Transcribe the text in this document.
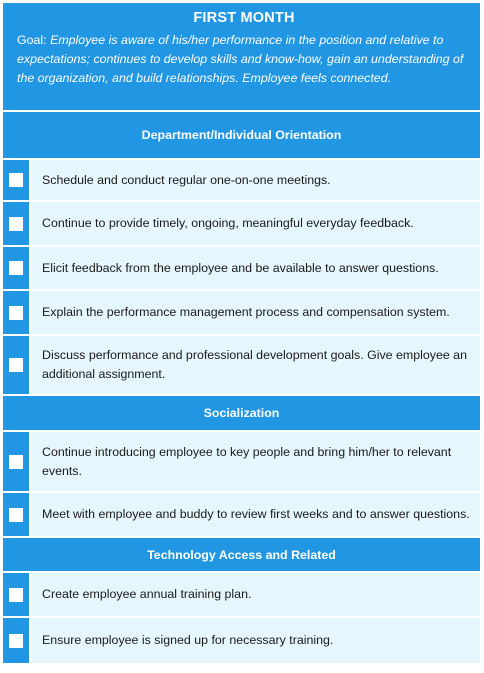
FIRST MONTH
Goal: Employee is aware of his/her performance in the position and relative to expectations; continues to develop skills and know-how, gain an understanding of the organization, and build relationships. Employee feels connected.
Department/Individual Orientation
Schedule and conduct regular one-on-one meetings.
Continue to provide timely, ongoing, meaningful everyday feedback.
Elicit feedback from the employee and be available to answer questions.
Explain the performance management process and compensation system.
Discuss performance and professional development goals. Give employee an additional assignment.
Socialization
Continue introducing employee to key people and bring him/her to relevant events.
Meet with employee and buddy to review first weeks and to answer questions.
Technology Access and Related
Create employee annual training plan.
Ensure employee is signed up for necessary training.
